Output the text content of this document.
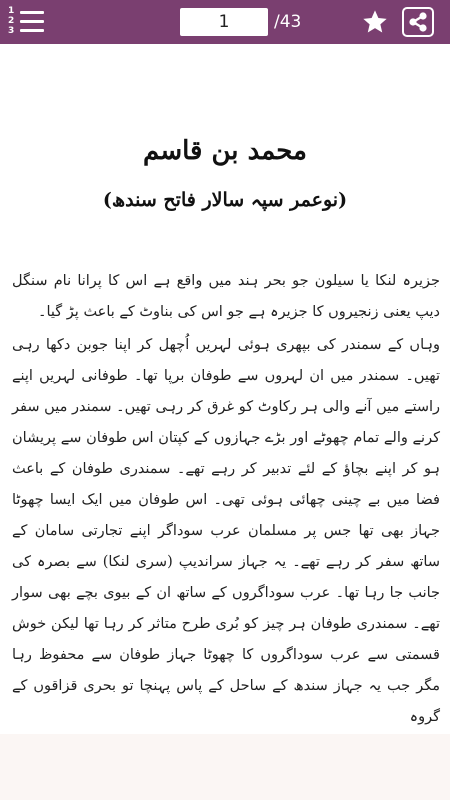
1
2
3	1	/43
محمد بن قاسم
(نوعمر سپہ سالار فاتح سندھ)

جزیرہ لنکا یا سیلون جو بحر ہند میں واقع ہے اس کا پرانا نام سنگل دیپ یعنی زنجیروں کا جزیرہ ہے جو اس کی بناوٹ کے باعث پڑ گیا۔

وہاں کے سمندر کی بپھری ہوئی لہریں اُچھل کر اپنا جوبن دکھا رہی تھیں۔ سمندر میں ان لہروں سے طوفان برپا تھا۔ طوفانی لہریں اپنے راستے میں آنے والی ہر رکاوٹ کو غرق کر رہی تھیں۔ سمندر میں سفر کرنے والے تمام چھوٹے اور بڑے جہازوں کے کپتان اس طوفان سے پریشان ہو کر اپنے بچاؤ کے لئے تدبیر کر رہے تھے۔ سمندری طوفان کے باعث فضا میں بے چینی چھائی ہوئی تھی۔ اس طوفان میں ایک ایسا چھوٹا جہاز بھی تھا جس پر مسلمان عرب سوداگر اپنے تجارتی سامان کے ساتھ سفر کر رہے تھے۔ یہ جہاز سراندیپ (سری لنکا) سے بصرہ کی جانب جا رہا تھا۔ عرب سوداگروں کے ساتھ ان کے بیوی بچے بھی سوار تھے۔ سمندری طوفان ہر چیز کو بُری طرح متاثر کر رہا تھا لیکن خوش قسمتی سے عرب سوداگروں کا چھوٹا جہاز طوفان سے محفوظ رہا مگر جب یہ جہاز سندھ کے ساحل کے پاس پہنچا تو بحری قزاقوں کے گروہ
